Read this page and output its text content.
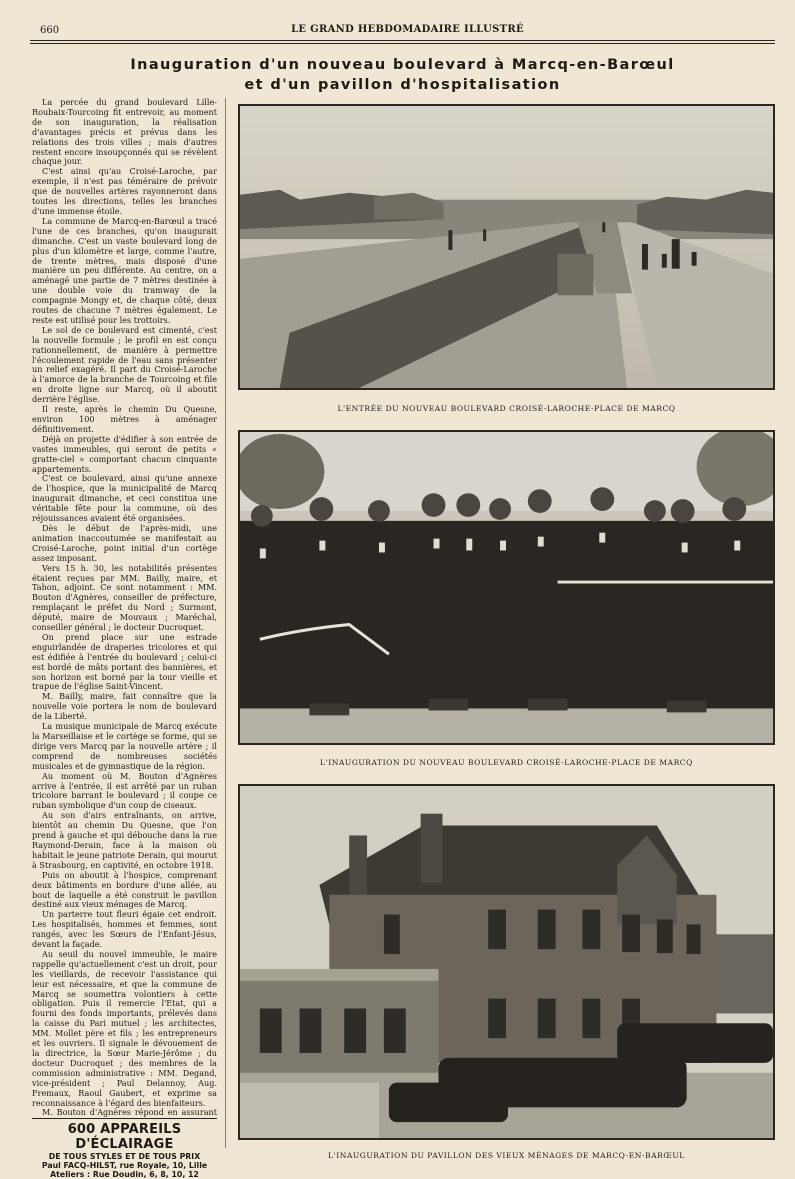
660	LE GRAND HEBDOMADAIRE ILLUSTRÉ
Inauguration d'un nouveau boulevard à Marcq-en-Barœul
et d'un pavillon d'hospitalisation

La percée du grand boulevard Lille-Roubaix-Tourcoing fit entrevoir, au moment de son inauguration, la réalisation d'avantages précis et prévus dans les relations des trois villes ; mais d'autres restent encore insoupçonnés qui se révèlent chaque jour.

C'est ainsi qu'au Croisé-Laroche, par exemple, il n'est pas téméraire de prévoir que de nouvelles artères rayonneront dans toutes les directions, telles les branches d'une immense étoile.

La commune de Marcq-en-Barœul a tracé l'une de ces branches, qu'on inaugurait dimanche. C'est un vaste boulevard long de plus d'un kilomètre et large, comme l'autre, de trente mètres, mais disposé d'une manière un peu différente. Au centre, on a aménagé une partie de 7 mètres destinée à une double voie du tramway de la compagnie Mongy et, de chaque côté, deux routes de chacune 7 mètres également. Le reste est utilisé pour les trottoirs.

Le sol de ce boulevard est cimenté, c'est la nouvelle formule ; le profil en est conçu rationnellement, de manière à permettre l'écoulement rapide de l'eau sans présenter un relief exagéré. Il part du Croisé-Laroche à l'amorce de la branche de Tourcoing et file en droite ligne sur Marcq, où il aboutit derrière l'église.

Il reste, après le chemin Du Quesne, environ 100 mètres à aménager définitivement.

Déjà on projette d'édifier à son entrée de vastes immeubles, qui seront de petits « gratte-ciel » comportant chacun cinquante appartements.

C'est ce boulevard, ainsi qu'une annexe de l'hospice, que la municipalité de Marcq inaugurait dimanche, et ceci constitua une véritable fête pour la commune, où des réjouissances avaient été organisées.

Dès le début de l'après-midi, une animation inaccoutumée se manifestait au Croisé-Laroche, point initial d'un cortège assez imposant.

Vers 15 h. 30, les notabilités présentes étaient reçues par MM. Bailly, maire, et Tahon, adjoint. Ce sont notamment : MM. Bouton d'Agnères, conseiller de préfecture, remplaçant le préfet du Nord ; Surmont, député, maire de Mouvaux ; Maréchal, conseiller général ; le docteur Ducroquet.

On prend place sur une estrade enguirlandée de draperies tricolores et qui est édifiée à l'entrée du boulevard ; celui-ci est bordé de mâts portant des bannières, et son horizon est borné par la tour vieille et trapue de l'église Saint-Vincent.

M. Bailly, maire, fait connaître que la nouvelle voie portera le nom de boulevard de la Liberté.

La musique municipale de Marcq exécute la Marseillaise et le cortège se forme, qui se dirige vers Marcq par la nouvelle artère ; il comprend de nombreuses sociétés musicales et de gymnastique de la région.

Au moment où M. Bouton d'Agnères arrive à l'entrée, il est arrêté par un ruban tricolore barrant le boulevard ; il coupe ce ruban symbolique d'un coup de ciseaux.

Au son d'airs entraînants, on arrive, bientôt au chemin Du Quesne, que l'on prend à gauche et qui débouche dans la rue Raymond-Derain, face à la maison où habitait le jeune patriote Derain, qui mourut à Strasbourg, en captivité, en octobre 1918.

Puis on aboutit à l'hospice, comprenant deux bâtiments en bordure d'une allée, au bout de laquelle a été construit le pavillon destiné aux vieux ménages de Marcq.

Un parterre tout fleuri égaie cet endroit. Les hospitalisés, hommes et femmes, sont rangés, avec les Sœurs de l'Enfant-Jésus, devant la façade.

Au seuil du nouvel immeuble, le maire rappelle qu'actuellement c'est un droit, pour les vieillards, de recevoir l'assistance qui leur est nécessaire, et que la commune de Marcq se soumettra volontiers à cette obligation. Puis il remercie l'Etat, qui a fourni des fonds importants, prélevés dans la caisse du Pari mutuel ; les architectes, MM. Mollet père et fils ; les entrepreneurs et les ouvriers. Il signale le dévouement de la directrice, la Sœur Marie-Jérôme ; du docteur Ducroquet ; des membres de la commission administrative : MM. Degand, vice-président ; Paul Delannoy, Aug. Fremaux, Raoul Gaubert, et exprime sa reconnaissance à l'égard des bienfaiteurs.

M. Bouton d'Agnères répond en assurant

600 APPAREILS D'ÉCLAIRAGE
DE TOUS STYLES ET DE TOUS PRIX
Paul FACQ-HILST, rue Royale, 10, Lille
Ateliers : Rue Doudin, 6, 8, 10, 12
L'ENTRÉE DU NOUVEAU BOULEVARD CROISÉ-LAROCHE-PLACE DE MARCQ
L'INAUGURATION DU NOUVEAU BOULEVARD CROISÉ-LAROCHE-PLACE DE MARCQ
L'INAUGURATION DU PAVILLON DES VIEUX MÉNAGES DE MARCQ-EN-BARŒUL
